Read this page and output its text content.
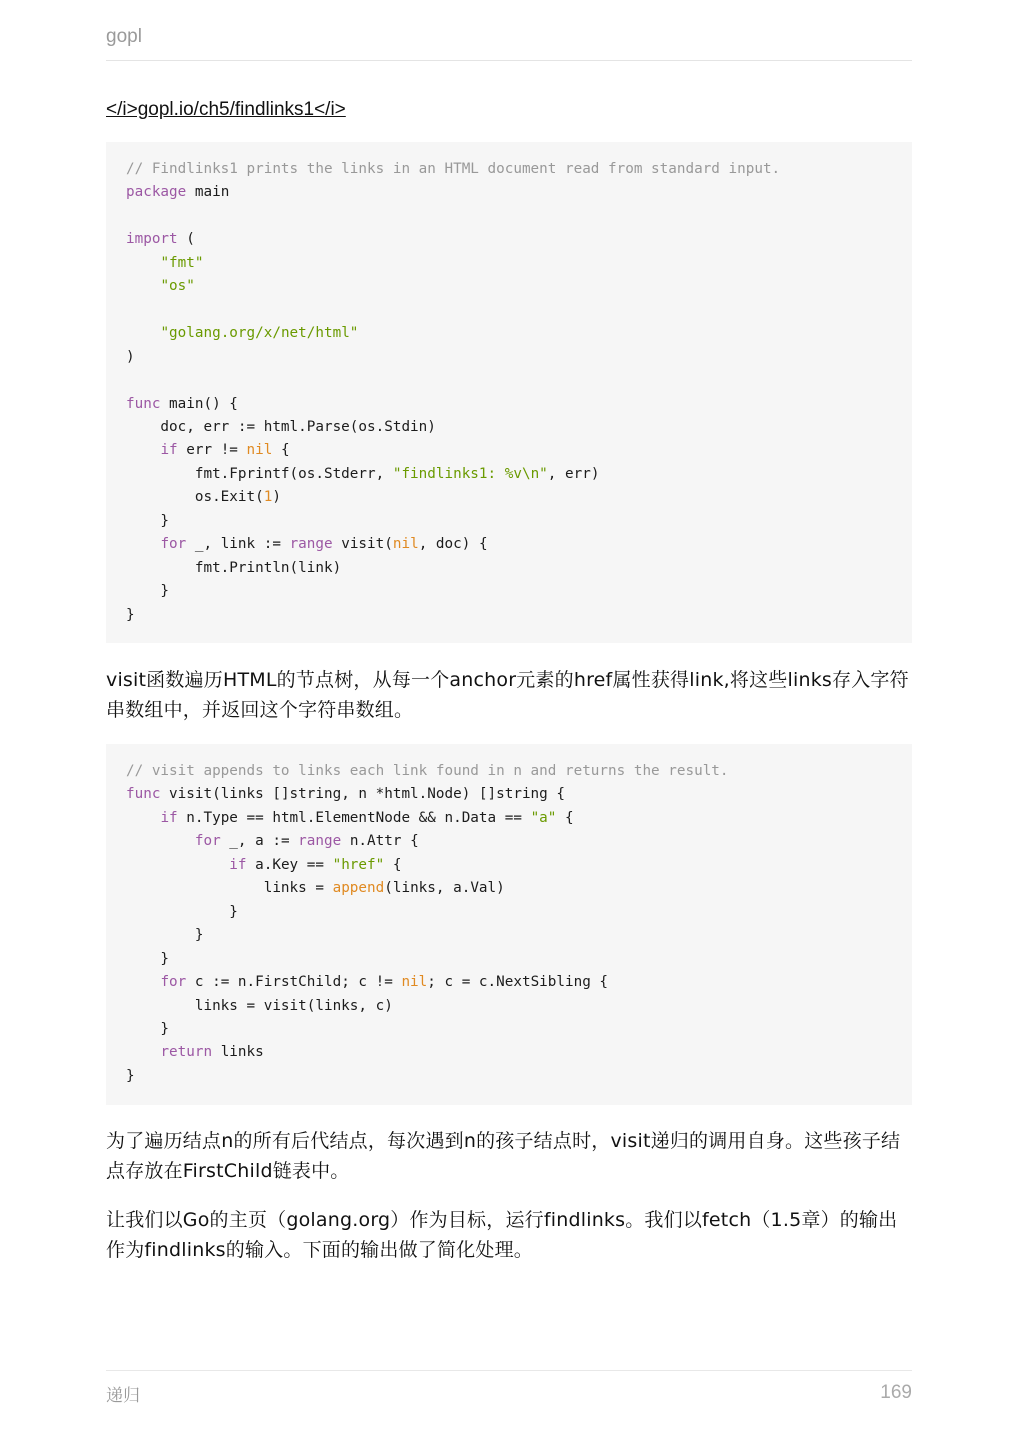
gopl
</i>gopl.io/ch5/findlinks1</i>
// Findlinks1 prints the links in an HTML document read from standard input.
package main

import (
"fmt"
"os"

"golang.org/x/net/html"
)

func main() {
doc, err := html.Parse(os.Stdin)
if err != nil {
fmt.Fprintf(os.Stderr, "findlinks1: %v\n", err)
os.Exit(1)
}
for _, link := range visit(nil, doc) {
fmt.Println(link)
}
}
visit函数遍历HTML的节点树，从每一个anchor元素的href属性获得link,将这些links存入字符串数组中，并返回这个字符串数组。
// visit appends to links each link found in n and returns the result.
func visit(links []string, n *html.Node) []string {
if n.Type == html.ElementNode && n.Data == "a" {
for _, a := range n.Attr {
if a.Key == "href" {
links = append(links, a.Val)
}
}
}
for c := n.FirstChild; c != nil; c = c.NextSibling {
links = visit(links, c)
}
return links
}
为了遍历结点n的所有后代结点，每次遇到n的孩子结点时，visit递归的调用自身。这些孩子结点存放在FirstChild链表中。
让我们以Go的主页（golang.org）作为目标，运行findlinks。我们以fetch（1.5章）的输出作为findlinks的输入。下面的输出做了简化处理。
递归	169
